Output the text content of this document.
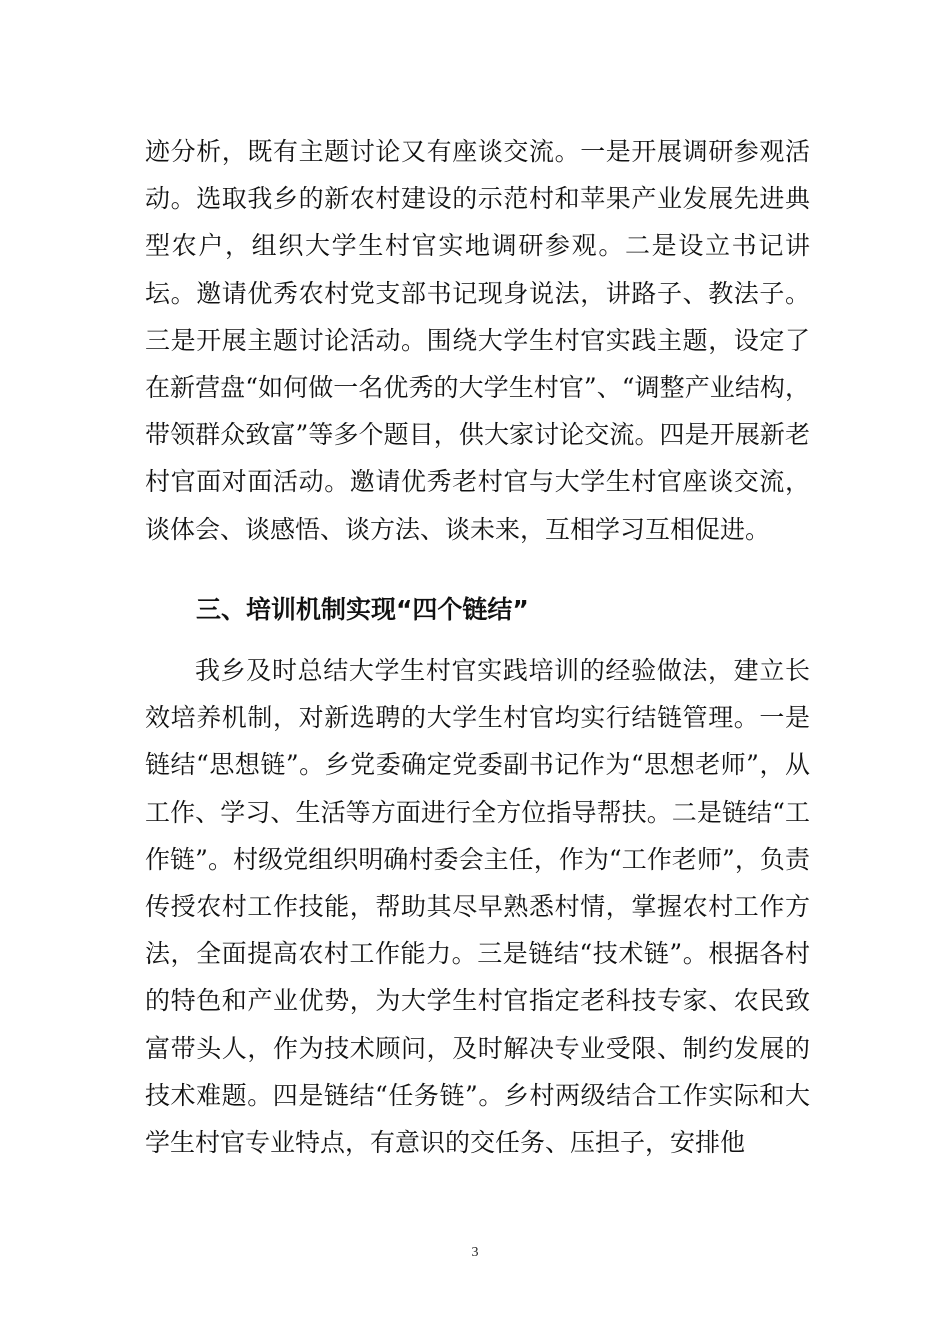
迹分析，既有主题讨论又有座谈交流。一是开展调研参观活动。选取我乡的新农村建设的示范村和苹果产业发展先进典型农户，组织大学生村官实地调研参观。二是设立书记讲坛。邀请优秀农村党支部书记现身说法，讲路子、教法子。三是开展主题讨论活动。围绕大学生村官实践主题，设定了在新营盘“如何做一名优秀的大学生村官”、“调整产业结构，带领群众致富”等多个题目，供大家讨论交流。四是开展新老村官面对面活动。邀请优秀老村官与大学生村官座谈交流，谈体会、谈感悟、谈方法、谈未来，互相学习互相促进。

三、培训机制实现“四个链结”

我乡及时总结大学生村官实践培训的经验做法，建立长效培养机制，对新选聘的大学生村官均实行结链管理。一是链结“思想链”。乡党委确定党委副书记作为“思想老师”，从工作、学习、生活等方面进行全方位指导帮扶。二是链结“工作链”。村级党组织明确村委会主任，作为“工作老师”，负责传授农村工作技能，帮助其尽早熟悉村情，掌握农村工作方法，全面提高农村工作能力。三是链结“技术链”。根据各村的特色和产业优势，为大学生村官指定老科技专家、农民致富带头人，作为技术顾问，及时解决专业受限、制约发展的技术难题。四是链结“任务链”。乡村两级结合工作实际和大学生村官专业特点，有意识的交任务、压担子，安排他

3
